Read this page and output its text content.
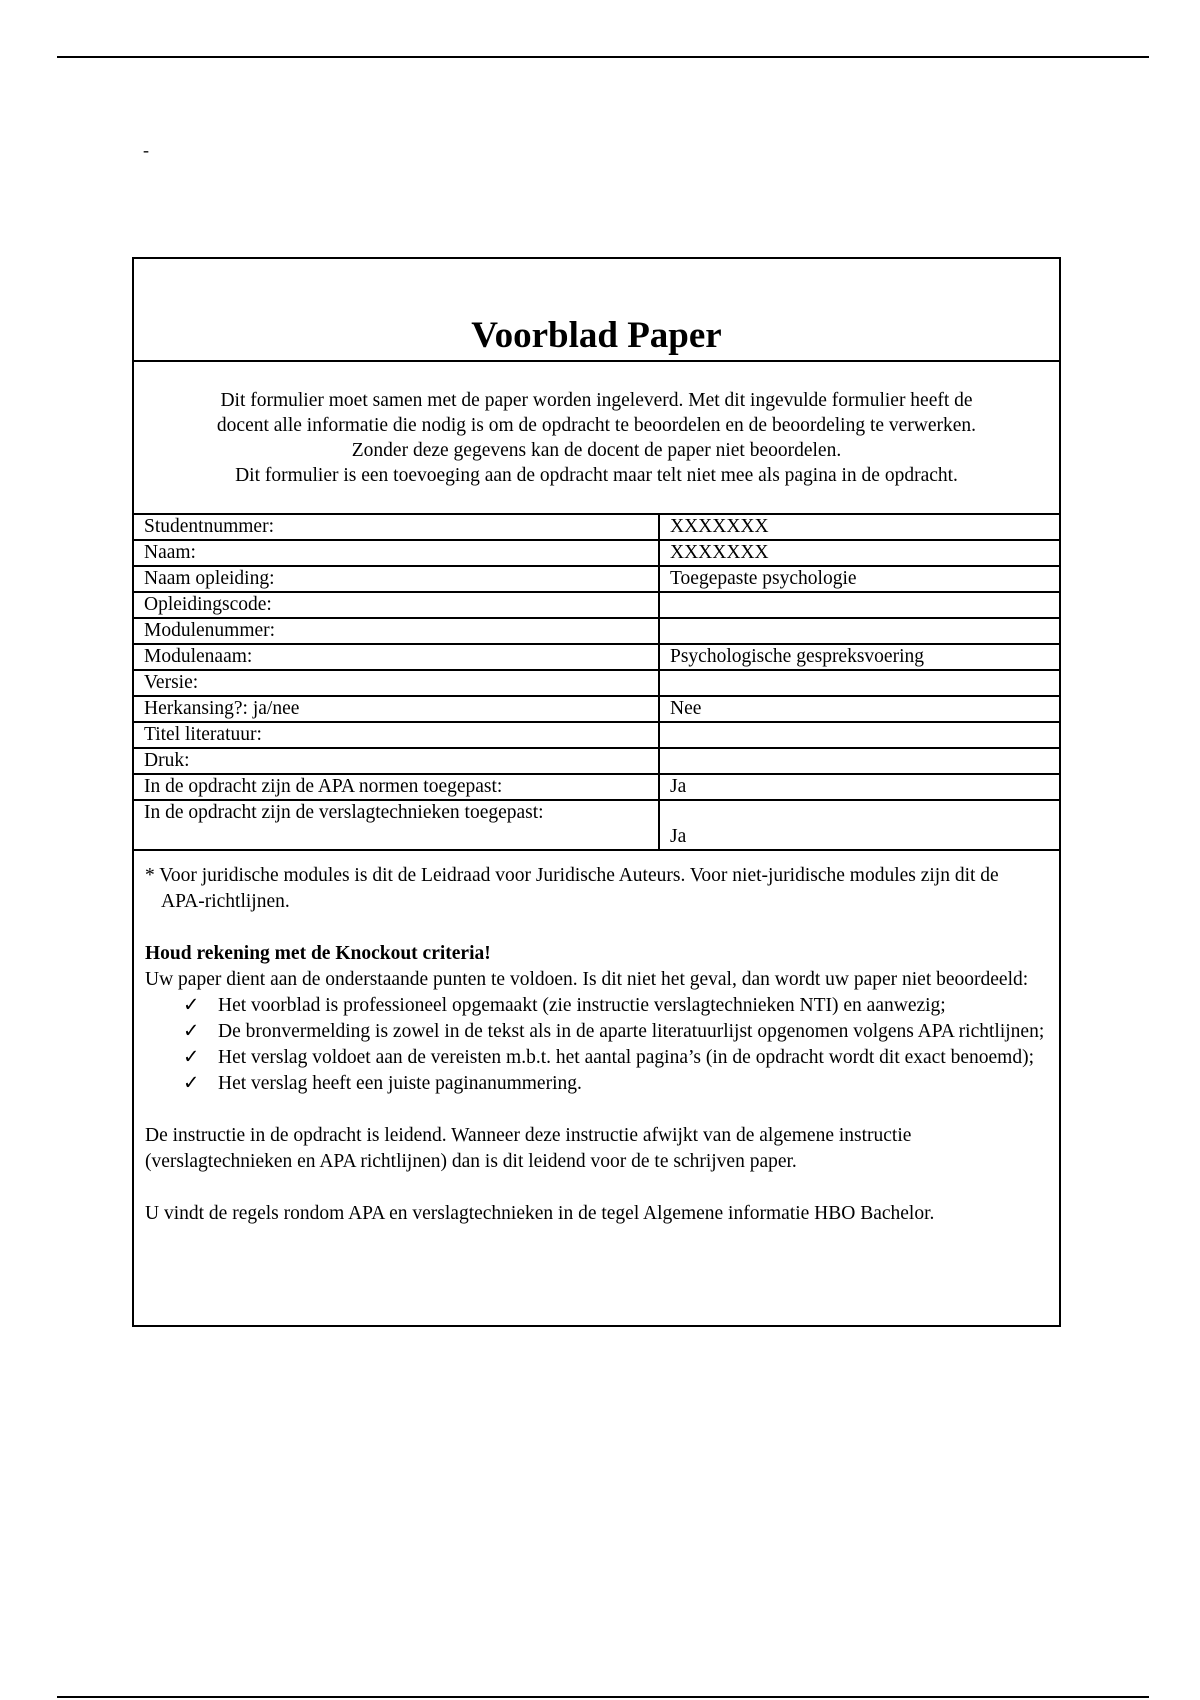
-
Voorblad Paper
Dit formulier moet samen met de paper worden ingeleverd. Met dit ingevulde formulier heeft de
docent alle informatie die nodig is om de opdracht te beoordelen en de beoordeling te verwerken.
Zonder deze gegevens kan de docent de paper niet beoordelen.
Dit formulier is een toevoeging aan de opdracht maar telt niet mee als pagina in de opdracht.
Studentnummer:	XXXXXXX
Naam:	XXXXXXX
Naam opleiding:	Toegepaste psychologie
Opleidingscode:	
Modulenummer:	
Modulenaam:	Psychologische gespreksvoering
Versie:	
Herkansing?: ja/nee	Nee
Titel literatuur:	
Druk:	
In de opdracht zijn de APA normen toegepast:	Ja
In de opdracht zijn de verslagtechnieken toegepast:	Ja

* Voor juridische modules is dit de Leidraad voor Juridische Auteurs. Voor niet-juridische modules zijn dit de APA-richtlijnen.

Houd rekening met de Knockout criteria!

Uw paper dient aan de onderstaande punten te voldoen. Is dit niet het geval, dan wordt uw paper niet beoordeeld:

✓ Het voorblad is professioneel opgemaakt (zie instructie verslagtechnieken NTI) en aanwezig;
✓ De bronvermelding is zowel in de tekst als in de aparte literatuurlijst opgenomen volgens APA richtlijnen;
✓ Het verslag voldoet aan de vereisten m.b.t. het aantal pagina’s (in de opdracht wordt dit exact benoemd);
✓ Het verslag heeft een juiste paginanummering.

De instructie in de opdracht is leidend. Wanneer deze instructie afwijkt van de algemene instructie (verslagtechnieken en APA richtlijnen) dan is dit leidend voor de te schrijven paper.

U vindt de regels rondom APA en verslagtechnieken in de tegel Algemene informatie HBO Bachelor.
